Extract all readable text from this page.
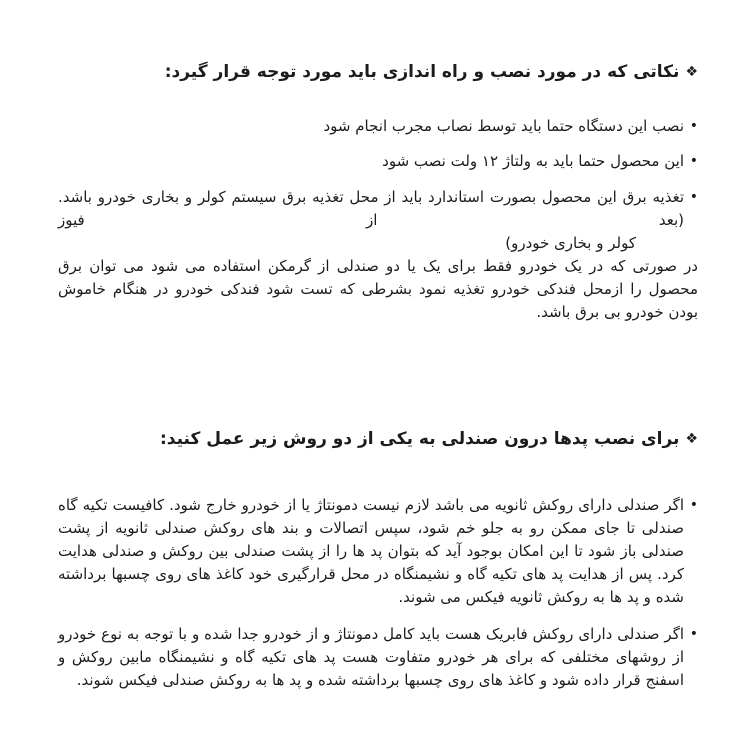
❖
نکاتی که در مورد نصب و راه اندازی باید مورد توجه قرار گیرد:
•
نصب این دستگاه حتما باید توسط نصاب مجرب انجام شود
•
این محصول حتما باید به ولتاژ ۱۲ ولت نصب شود
•
تغذیه برق این محصول بصورت استاندارد باید از محل تغذیه برق سیستم کولر و بخاری خودرو باشد. (بعد از فیوز
کولر و بخاری خودرو)
در صورتی که در یک خودرو فقط برای یک یا دو صندلی از گرمکن استفاده می شود می توان برق محصول را ازمحل فندکی خودرو تغذیه نمود بشرطی که تست شود فندکی خودرو در هنگام خاموش بودن خودرو بی برق باشد.
❖
برای نصب پدها درون صندلی به یکی از دو روش زیر عمل کنید:
•
اگر صندلی دارای روکش ثانویه می باشد لازم نیست دمونتاژ یا از خودرو خارج شود. کافیست تکیه گاه صندلی تا جای ممکن رو به جلو خم شود، سپس اتصالات و بند های روکش صندلی ثانویه از پشت صندلی باز شود تا این امکان بوجود آید که بتوان پد ها را از پشت صندلی بین روکش و صندلی هدایت کرد. پس از هدایت پد های تکیه گاه و نشیمنگاه در محل قرارگیری خود کاغذ های روی چسبها برداشته شده و پد ها به روکش ثانویه فیکس می شوند.
•
اگر صندلی دارای روکش فابریک هست باید کامل دمونتاژ و از خودرو جدا شده و با توجه به نوع خودرو از روشهای مختلفی که برای هر خودرو متفاوت هست پد های تکیه گاه و نشیمنگاه مابین روکش و اسفنج قرار داده شود و کاغذ های روی چسبها برداشته شده و پد ها به روکش صندلی فیکس شوند.
